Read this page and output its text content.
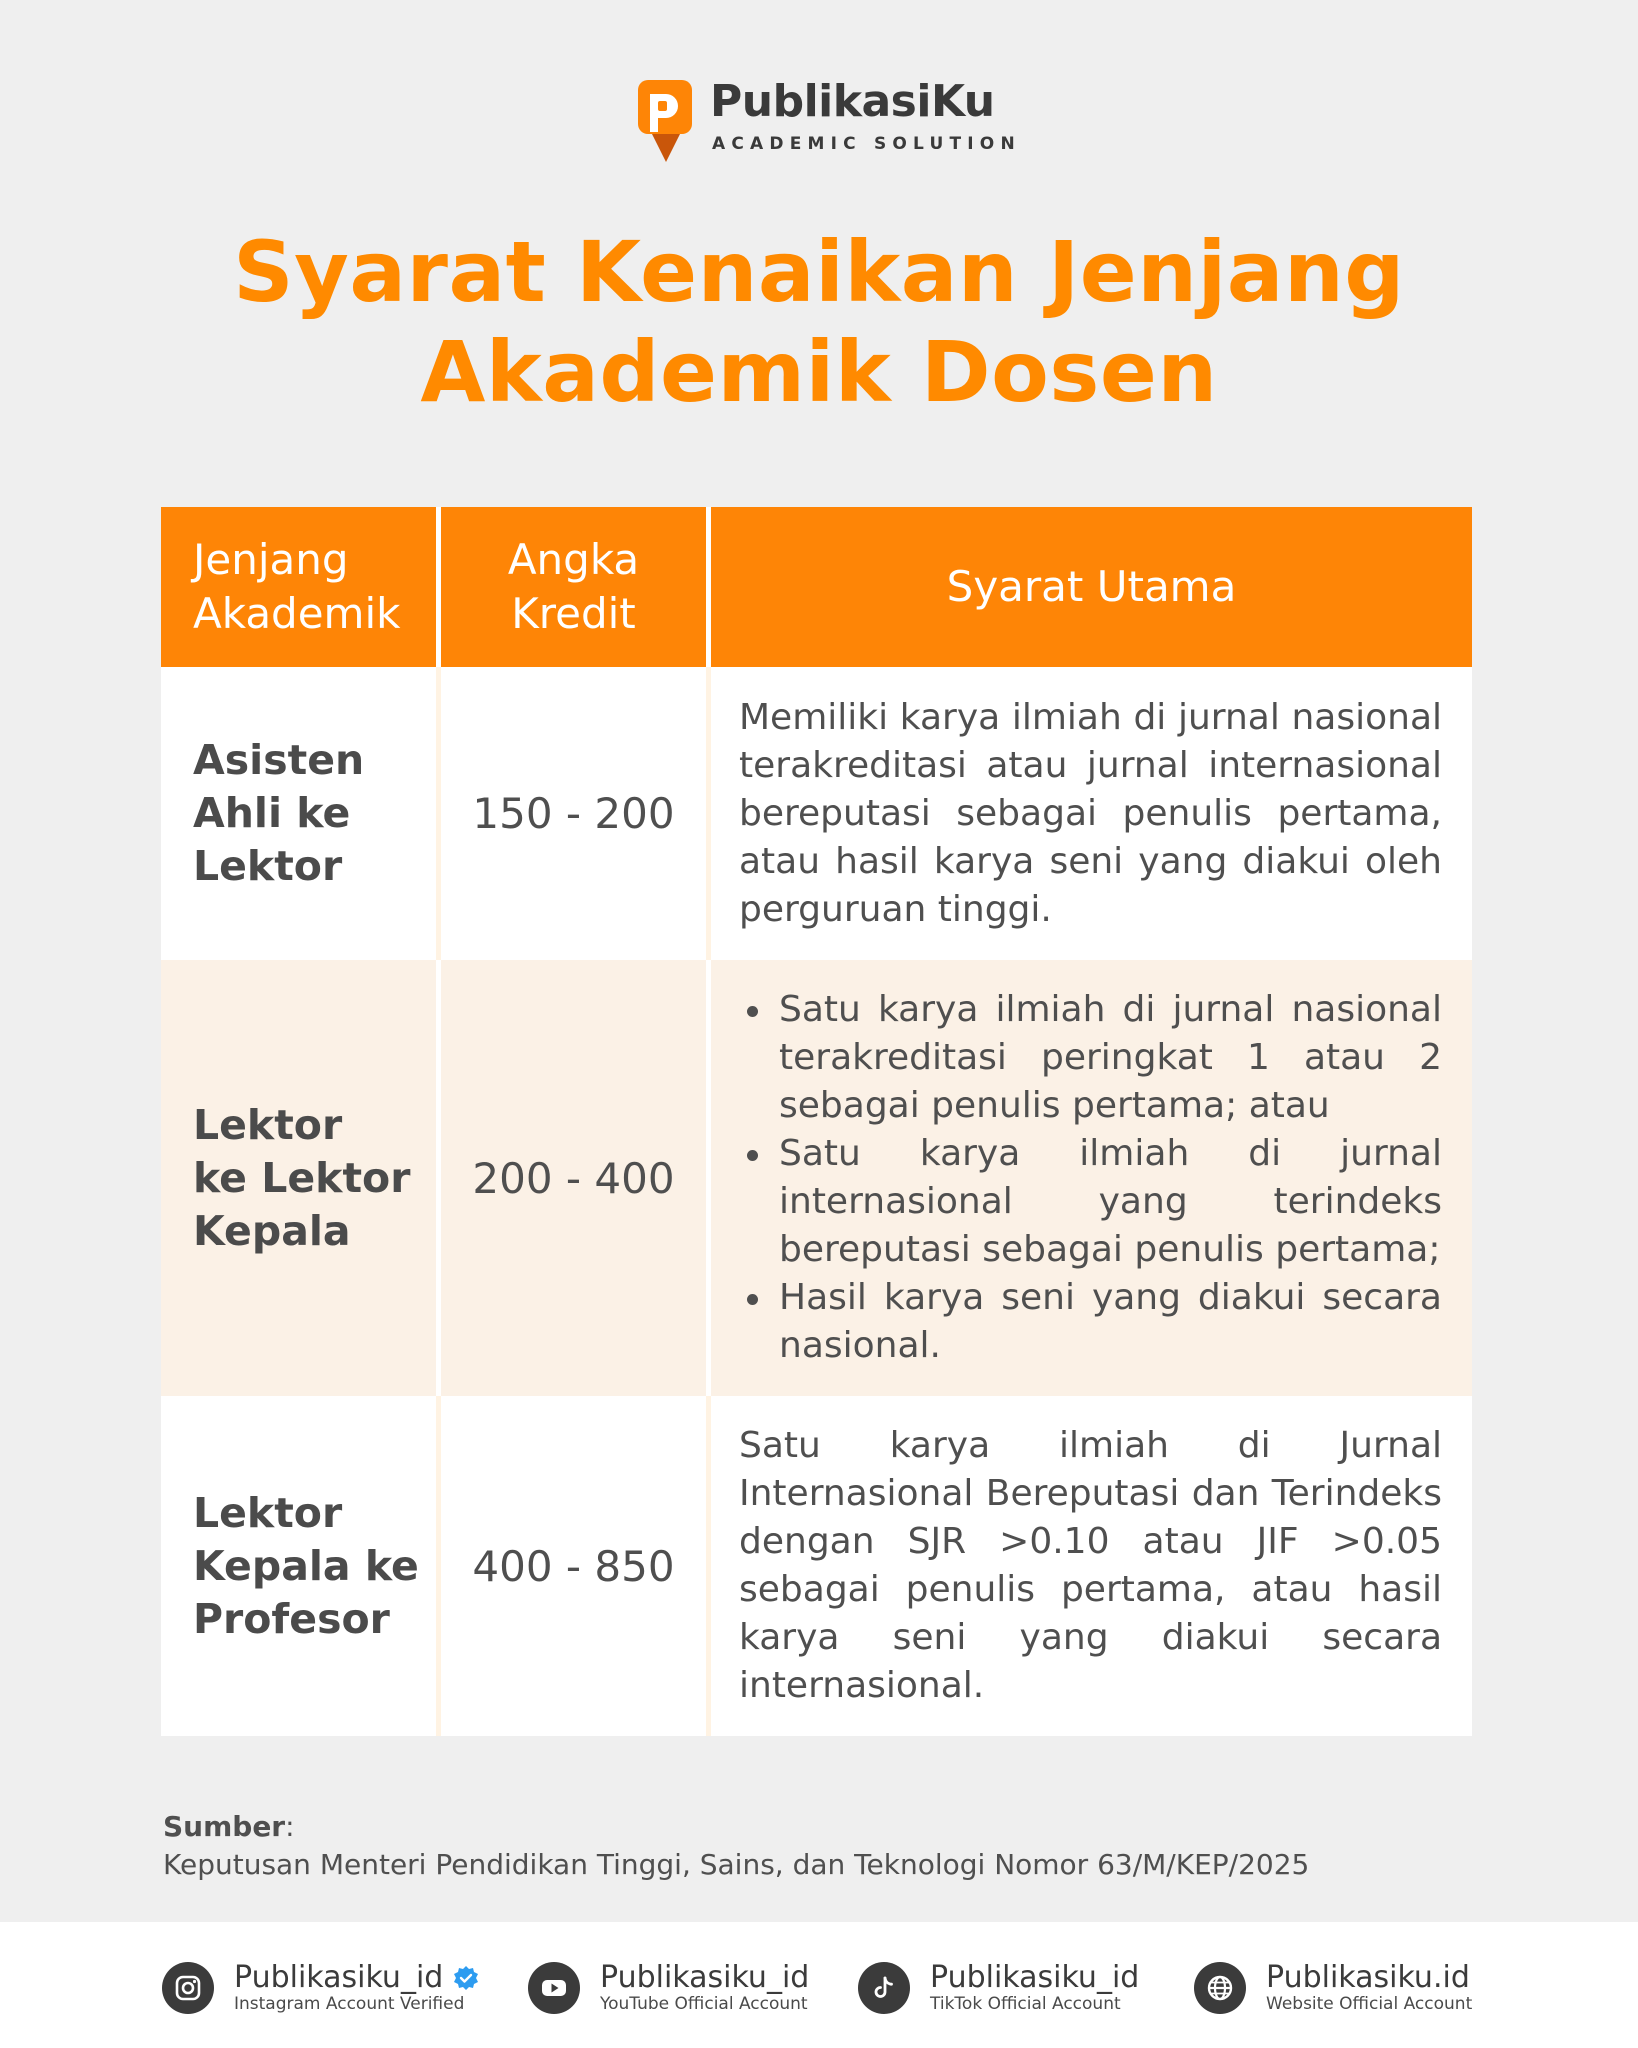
PublikasiKu
ACADEMIC SOLUTION
Syarat Kenaikan Jenjang
Akademik Dosen
Jenjang
Akademik
Angka
Kredit
Syarat Utama
Asisten
Ahli ke
Lektor
150 - 200
Memiliki karya ilmiah di jurnal nasional terakreditasi atau jurnal internasional bereputasi sebagai penulis pertama, atau hasil karya seni yang diakui oleh perguruan tinggi.
Lektor
ke Lektor
Kepala
200 - 400
Satu karya ilmiah di jurnal nasional terakreditasi peringkat 1 atau 2 sebagai penulis pertama; atau
Satu karya ilmiah di jurnal internasional yang terindeks bereputasi sebagai penulis pertama;
Hasil karya seni yang diakui secara nasional.
Lektor
Kepala ke
Profesor
400 - 850
Satu karya ilmiah di Jurnal Internasional Bereputasi dan Terindeks dengan SJR >0.10 atau JIF >0.05 sebagai penulis pertama, atau hasil karya seni yang diakui secara internasional.
Sumber:
Keputusan Menteri Pendidikan Tinggi, Sains, dan Teknologi Nomor 63/M/KEP/2025
Publikasiku_id
Instagram Account Verified
Publikasiku_id
YouTube Official Account
Publikasiku_id
TikTok Official Account
Publikasiku.id
Website Official Account
